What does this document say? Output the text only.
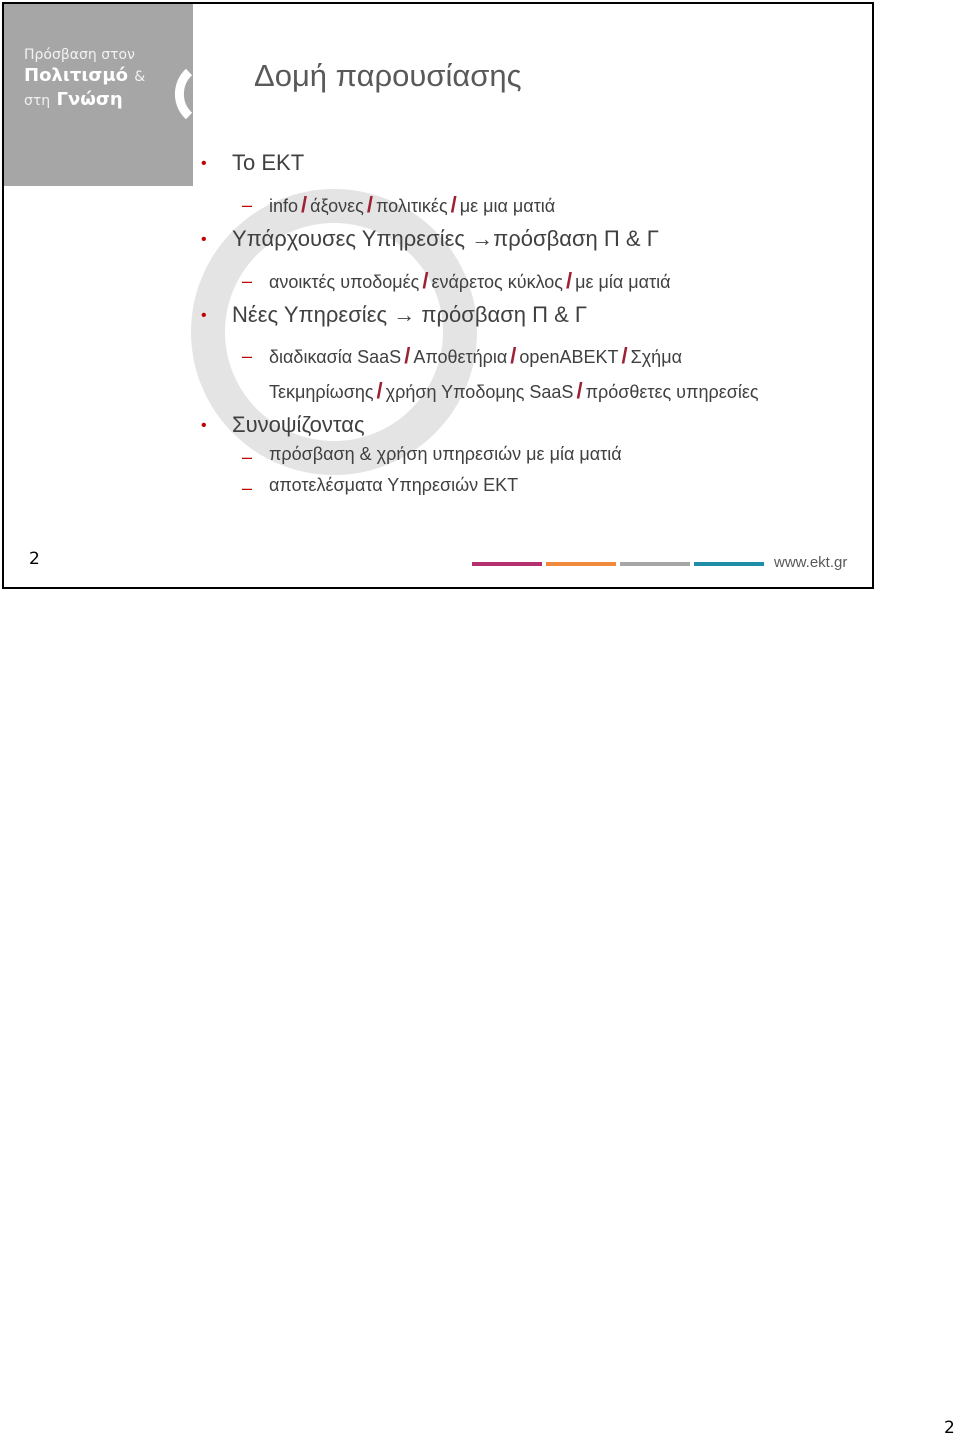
Πρόσβαση στον
Πολιτισμό &
στη Γνώση
Δομή παρουσίασης
• Το ΕΚΤ
– info / άξονες / πολιτικές / με μια ματιά
• Υπάρχουσες Υπηρεσίες →πρόσβαση Π & Γ
– ανοικτές υποδομές / ενάρετος κύκλος / με μία ματιά
• Νέες Υπηρεσίες → πρόσβαση Π & Γ
– διαδικασία SaaS / Αποθετήρια / openABEKT / Σχήμα
Τεκμηρίωσης / χρήση Υποδομης SaaS / πρόσθετες υπηρεσίες
• Συνοψίζοντας
– πρόσβαση & χρήση υπηρεσιών με μία ματιά
– αποτελέσματα Υπηρεσιών ΕΚΤ
2	www.ekt.gr
2
